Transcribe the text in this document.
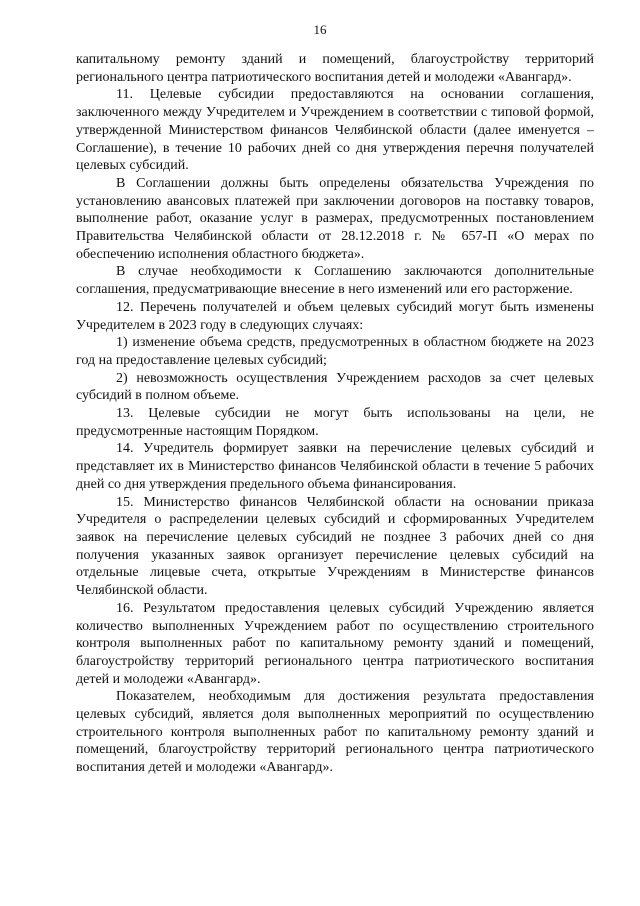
16

капитальному ремонту зданий и помещений, благоустройству территорий регионального центра патриотического воспитания детей и молодежи «Авангард».

11. Целевые субсидии предоставляются на основании соглашения, заключенного между Учредителем и Учреждением в соответствии с типовой формой, утвержденной Министерством финансов Челябинской области (далее именуется – Соглашение), в течение 10 рабочих дней со дня утверждения перечня получателей целевых субсидий.

В Соглашении должны быть определены обязательства Учреждения по установлению авансовых платежей при заключении договоров на поставку товаров, выполнение работ, оказание услуг в размерах, предусмотренных постановлением Правительства Челябинской области от 28.12.2018 г. № 657-П «О мерах по обеспечению исполнения областного бюджета».

В случае необходимости к Соглашению заключаются дополнительные соглашения, предусматривающие внесение в него изменений или его расторжение.

12. Перечень получателей и объем целевых субсидий могут быть изменены Учредителем в 2023 году в следующих случаях:

1) изменение объема средств, предусмотренных в областном бюджете на 2023 год на предоставление целевых субсидий;

2) невозможность осуществления Учреждением расходов за счет целевых субсидий в полном объеме.

13. Целевые субсидии не могут быть использованы на цели, не предусмотренные настоящим Порядком.

14. Учредитель формирует заявки на перечисление целевых субсидий и представляет их в Министерство финансов Челябинской области в течение 5 рабочих дней со дня утверждения предельного объема финансирования.

15. Министерство финансов Челябинской области на основании приказа Учредителя о распределении целевых субсидий и сформированных Учредителем заявок на перечисление целевых субсидий не позднее 3 рабочих дней со дня получения указанных заявок организует перечисление целевых субсидий на отдельные лицевые счета, открытые Учреждениям в Министерстве финансов Челябинской области.

16. Результатом предоставления целевых субсидий Учреждению является количество выполненных Учреждением работ по осуществлению строительного контроля выполненных работ по капитальному ремонту зданий и помещений, благоустройству территорий регионального центра патриотического воспитания детей и молодежи «Авангард».

Показателем, необходимым для достижения результата предоставления целевых субсидий, является доля выполненных мероприятий по осуществлению строительного контроля выполненных работ по капитальному ремонту зданий и помещений, благоустройству территорий регионального центра патриотического воспитания детей и молодежи «Авангард».
